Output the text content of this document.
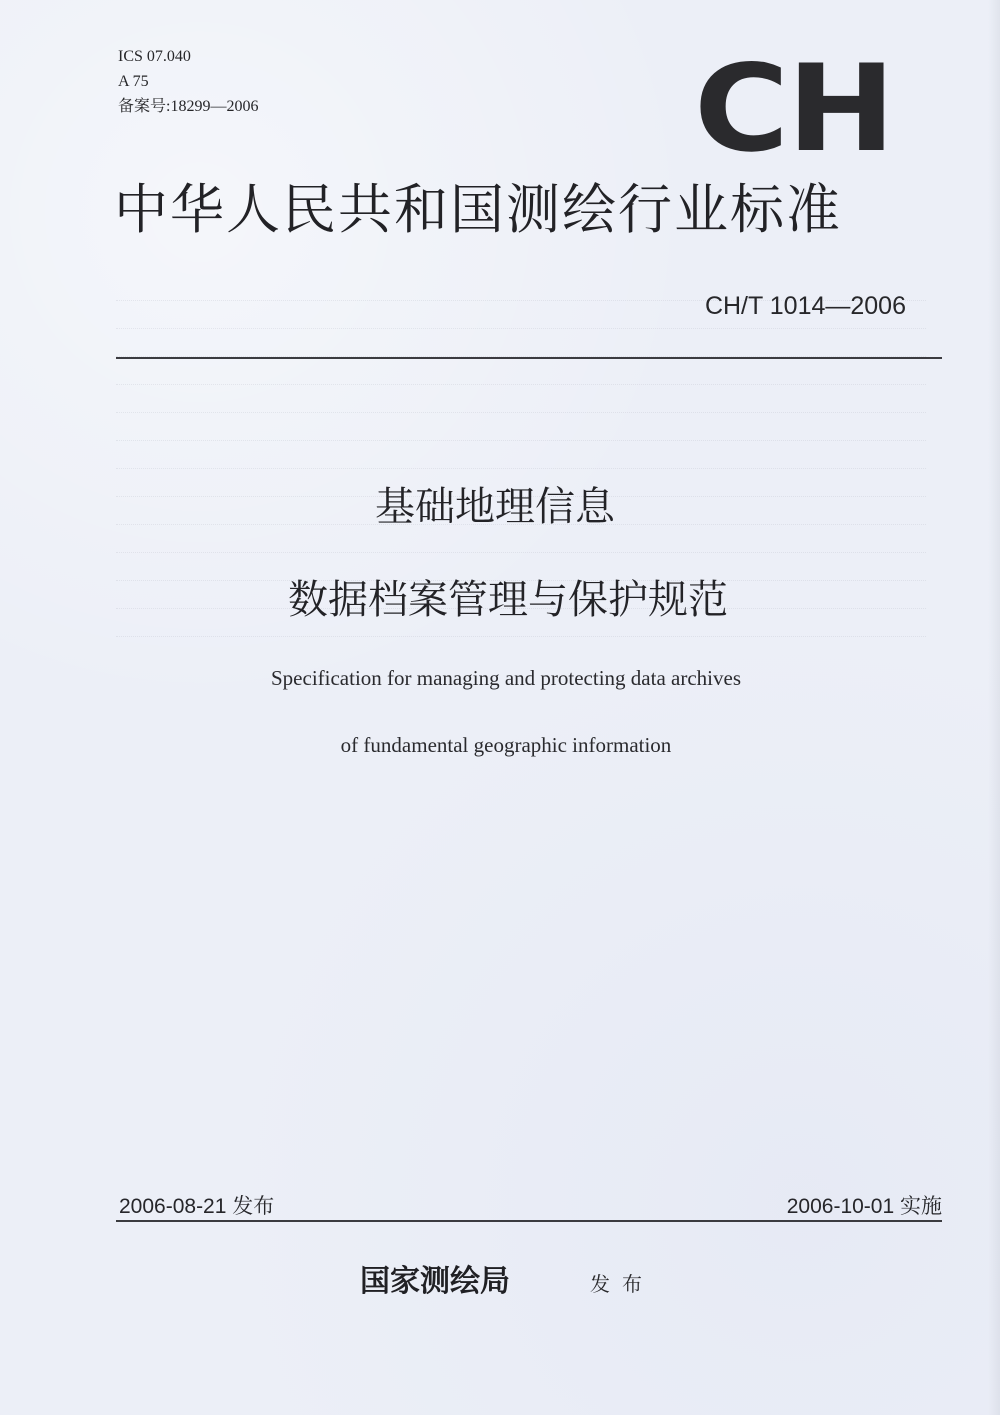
ICS 07.040
A 75
备案号:18299—2006	CH
中华人民共和国测绘行业标准
CH/T 1014—2006
基础地理信息
数据档案管理与保护规范
Specification for managing and protecting data archives
of fundamental geographic information
2006-08-21 发布	2006-10-01 实施
国家测绘局	发布
